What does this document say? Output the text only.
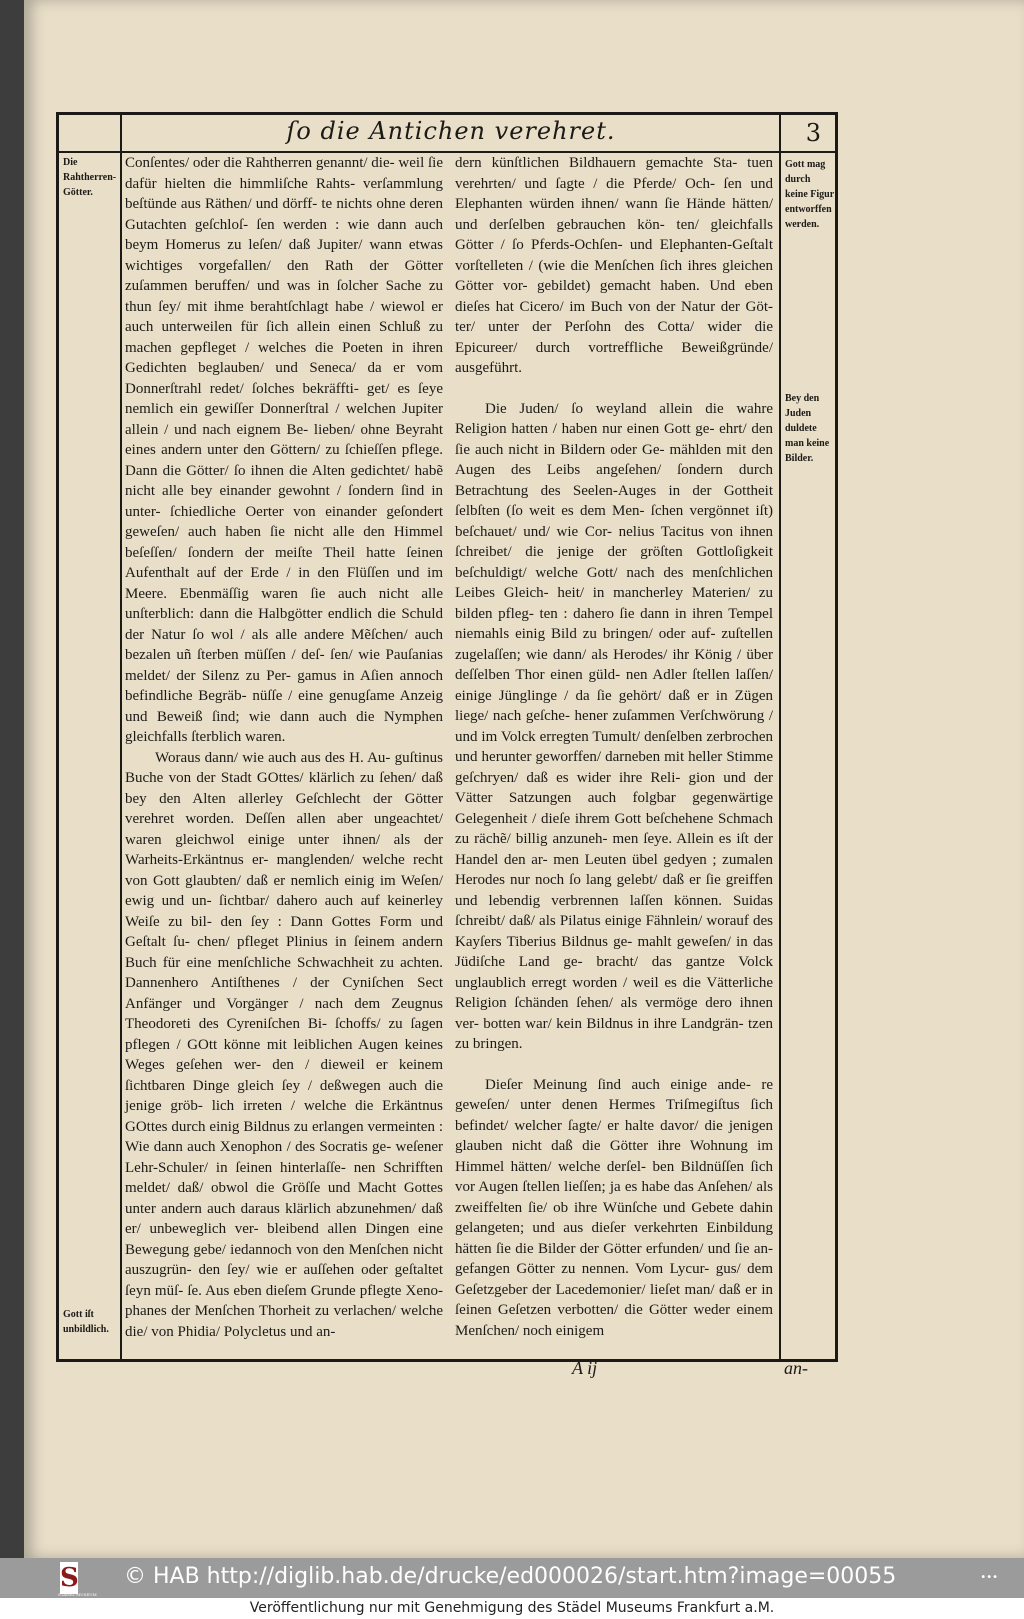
ſo die Antichen verehret.	3
Die Rahtherren-Götter.
Gott mag durch keine Figur entworffen werden.
Bey den Juden duldete man keine Bilder.
Gott iſt unbildlich.

Conſentes/ oder die Rahtherren genannt/ die- weil ſie dafür hielten die himmliſche Rahts- verſammlung beſtünde aus Räthen/ und dörff- te nichts ohne deren Gutachten geſchloſ- ſen werden : wie dann auch beym Homerus zu leſen/ daß Jupiter/ wann etwas wichtiges vorgefallen/ den Rath der Götter zuſammen beruffen/ und was in ſolcher Sache zu thun ſey/ mit ihme berahtſchlagt habe / wiewol er auch unterweilen für ſich allein einen Schluß zu machen gepfleget / welches die Poeten in ihren Gedichten beglauben/ und Seneca/ da er vom Donnerſtrahl redet/ ſolches bekräffti- get/ es ſeye nemlich ein gewiſſer Donnerſtral / welchen Jupiter allein / und nach eignem Be- lieben/ ohne Beyraht eines andern unter den Göttern/ zu ſchieſſen pflege. Dann die Götter/ ſo ihnen die Alten gedichtet/ habẽ nicht alle bey einander gewohnt / ſondern ſind in unter- ſchiedliche Oerter von einander geſondert geweſen/ auch haben ſie nicht alle den Himmel beſeſſen/ ſondern der meiſte Theil hatte ſeinen Aufenthalt auf der Erde / in den Flüſſen und im Meere. Ebenmäſſig waren ſie auch nicht alle unſterblich: dann die Halbgötter endlich die Schuld der Natur ſo wol / als alle andere Mẽſchen/ auch bezalen uñ ſterben müſſen / deſ- ſen/ wie Pauſanias meldet/ der Silenz zu Per- gamus in Aſien annoch befindliche Begräb- nüſſe / eine genugſame Anzeig und Beweiß ſind; wie dann auch die Nymphen gleichfalls ſterblich waren.

Woraus dann/ wie auch aus des H. Au- guſtinus Buche von der Stadt GOttes/ klärlich zu ſehen/ daß bey den Alten allerley Geſchlecht der Götter verehret worden. Deſſen allen aber ungeachtet/ waren gleichwol einige unter ihnen/ als der Warheits-Erkäntnus er- manglenden/ welche recht von Gott glaubten/ daß er nemlich einig im Weſen/ ewig und un- ſichtbar/ dahero auch auf keinerley Weiſe zu bil- den ſey : Dann Gottes Form und Geſtalt ſu- chen/ pfleget Plinius in ſeinem andern Buch für eine menſchliche Schwachheit zu achten. Dannenhero Antiſthenes / der Cyniſchen Sect Anfänger und Vorgänger / nach dem Zeugnus Theodoreti des Cyreniſchen Bi- ſchoffs/ zu ſagen pflegen / GOtt könne mit leiblichen Augen keines Weges geſehen wer- den / dieweil er keinem ſichtbaren Dinge gleich ſey / deßwegen auch die jenige gröb- lich irreten / welche die Erkäntnus GOttes durch einig Bildnus zu erlangen vermeinten : Wie dann auch Xenophon / des Socratis ge- weſener Lehr-Schuler/ in ſeinen hinterlaſſe- nen Schrifften meldet/ daß/ obwol die Gröſſe und Macht Gottes unter andern auch daraus klärlich abzunehmen/ daß er/ unbeweglich ver- bleibend allen Dingen eine Bewegung gebe/ iedannoch von den Menſchen nicht auszugrün- den ſey/ wie er auſſehen oder geſtaltet ſeyn müſ- ſe. Aus eben dieſem Grunde pflegte Xeno- phanes der Menſchen Thorheit zu verlachen/ welche die/ von Phidia/ Polycletus und an-

dern künſtlichen Bildhauern gemachte Sta- tuen verehrten/ und ſagte / die Pferde/ Och- ſen und Elephanten würden ihnen/ wann ſie Hände hätten/ und derſelben gebrauchen kön- ten/ gleichfalls Götter / ſo Pferds-Ochſen- und Elephanten-Geſtalt vorſtelleten / (wie die Menſchen ſich ihres gleichen Götter vor- gebildet) gemacht haben. Und eben dieſes hat Cicero/ im Buch von der Natur der Göt- ter/ unter der Perſohn des Cotta/ wider die Epicureer/ durch vortreffliche Beweißgründe/ ausgeführt.

Die Juden/ ſo weyland allein die wahre Religion hatten / haben nur einen Gott ge- ehrt/ den ſie auch nicht in Bildern oder Ge- mählden mit den Augen des Leibs angeſehen/ ſondern durch Betrachtung des Seelen-Auges in der Gottheit ſelbſten (ſo weit es dem Men- ſchen vergönnet iſt) beſchauet/ und/ wie Cor- nelius Tacitus von ihnen ſchreibet/ die jenige der gröſten Gottloſigkeit beſchuldigt/ welche Gott/ nach des menſchlichen Leibes Gleich- heit/ in mancherley Materien/ zu bilden pfleg- ten : dahero ſie dann in ihren Tempel niemahls einig Bild zu bringen/ oder auf- zuſtellen zugelaſſen; wie dann/ als Herodes/ ihr König / über deſſelben Thor einen güld- nen Adler ſtellen laſſen/ einige Jünglinge / da ſie gehört/ daß er in Zügen liege/ nach geſche- hener zuſammen Verſchwörung / und im Volck erregten Tumult/ denſelben zerbrochen und herunter geworffen/ darneben mit heller Stimme geſchryen/ daß es wider ihre Reli- gion und der Vätter Satzungen auch folgbar gegenwärtige Gelegenheit / dieſe ihrem Gott beſchehene Schmach zu rächẽ/ billig anzuneh- men ſeye. Allein es iſt der Handel den ar- men Leuten übel gedyen ; zumalen Herodes nur noch ſo lang gelebt/ daß er ſie greiffen und lebendig verbrennen laſſen können. Suidas ſchreibt/ daß/ als Pilatus einige Fähnlein/ worauf des Kayſers Tiberius Bildnus ge- mahlt geweſen/ in das Jüdiſche Land ge- bracht/ das gantze Volck unglaublich erregt worden / weil es die Vätterliche Religion ſchänden ſehen/ als vermöge dero ihnen ver- botten war/ kein Bildnus in ihre Landgrän- tzen zu bringen.

Dieſer Meinung ſind auch einige ande- re geweſen/ unter denen Hermes Triſmegiſtus ſich befindet/ welcher ſagte/ er halte davor/ die jenigen glauben nicht daß die Götter ihre Wohnung im Himmel hätten/ welche derſel- ben Bildnüſſen ſich vor Augen ſtellen lieſſen; ja es habe das Anſehen/ als zweiffelten ſie/ ob ihre Wünſche und Gebete dahin gelangeten; und aus dieſer verkehrten Einbildung hätten ſie die Bilder der Götter erfunden/ und ſie an- gefangen Götter zu nennen. Vom Lycur- gus/ dem Geſetzgeber der Lacedemonier/ lieſet man/ daß er in ſeinen Geſetzen verbotten/ die Götter weder einem Menſchen/ noch einigem

A ij	an-
S
STÄDEL MUSEUM
© HAB http://diglib.hab.de/drucke/ed000026/start.htm?image=00055	•••
Veröffentlichung nur mit Genehmigung des Städel Museums Frankfurt a.M.
